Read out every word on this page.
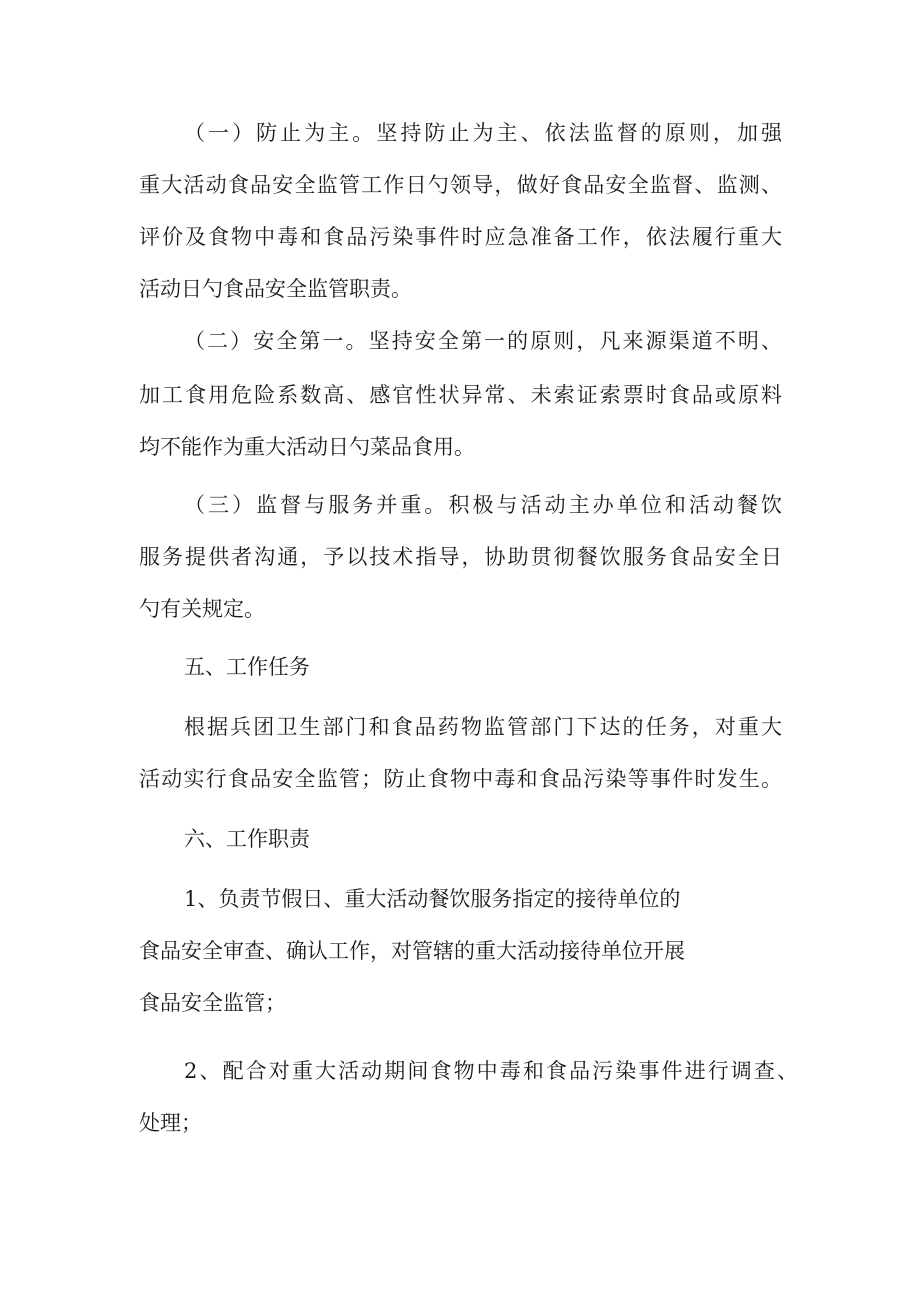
（一）防止为主。坚持防止为主、依法监督的原则，加强

重大活动食品安全监管工作日勺领导，做好食品安全监督、监测、

评价及食物中毒和食品污染事件时应急准备工作，依法履行重大

活动日勺食品安全监管职责。

（二）安全第一。坚持安全第一的原则，凡来源渠道不明、

加工食用危险系数高、感官性状异常、未索证索票时食品或原料

均不能作为重大活动日勺菜品食用。

（三）监督与服务并重。积极与活动主办单位和活动餐饮

服务提供者沟通，予以技术指导，协助贯彻餐饮服务食品安全日

勺有关规定。

五、工作任务

根据兵团卫生部门和食品药物监管部门下达的任务，对重大

活动实行食品安全监管；防止食物中毒和食品污染等事件时发生。

六、工作职责

1、负责节假日、重大活动餐饮服务指定的接待单位的

食品安全审查、确认工作，对管辖的重大活动接待单位开展

食品安全监管；

2、配合对重大活动期间食物中毒和食品污染事件进行调查、

处理；
